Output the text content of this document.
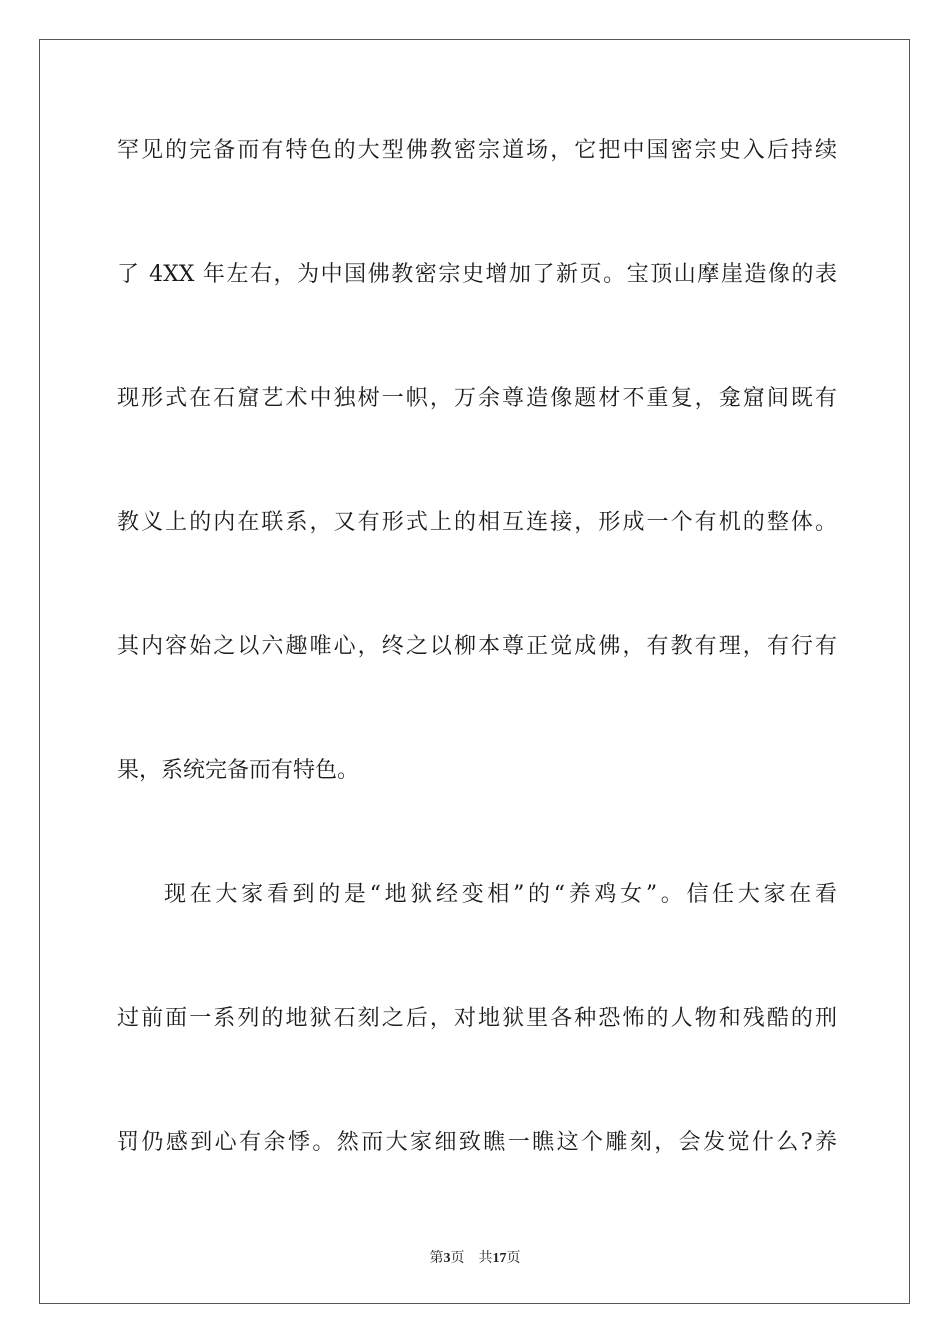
罕见的完备而有特色的大型佛教密宗道场，它把中国密宗史入后持续
了 4XX 年左右，为中国佛教密宗史增加了新页。宝顶山摩崖造像的表
现形式在石窟艺术中独树一帜，万余尊造像题材不重复，龛窟间既有
教义上的内在联系，又有形式上的相互连接，形成一个有机的整体。
其内容始之以六趣唯心，终之以柳本尊正觉成佛，有教有理，有行有
果，系统完备而有特色。
现在大家看到的是“地狱经变相”的“养鸡女”。信任大家在看
过前面一系列的地狱石刻之后，对地狱里各种恐怖的人物和残酷的刑
罚仍感到心有余悸。然而大家细致瞧一瞧这个雕刻，会发觉什么?养
第3页 共17页
